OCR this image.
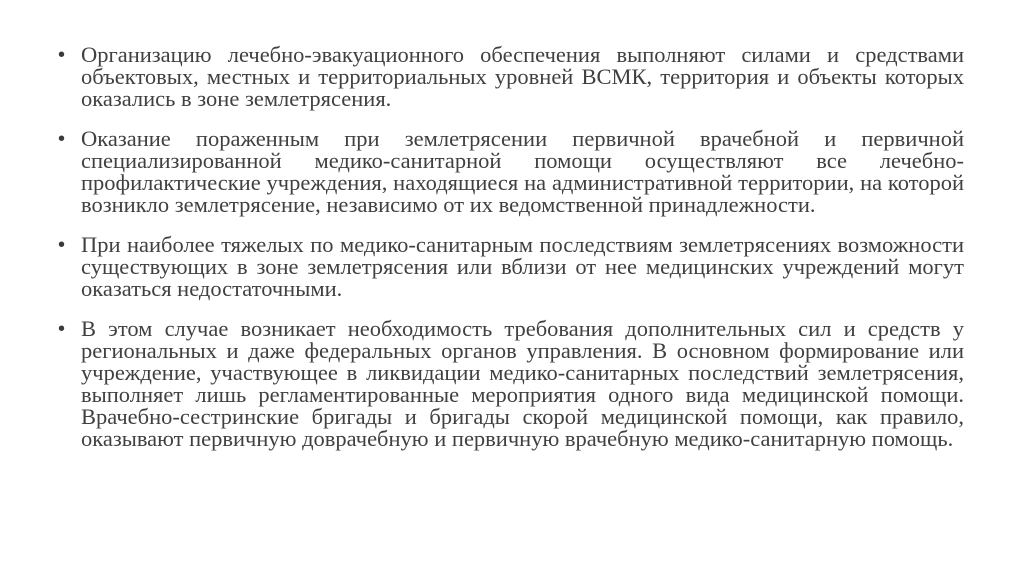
• Организацию лечебно-эвакуационного обеспечения выполняют силами и средствами объектовых, местных и территориальных уровней ВСМК, территория и объекты которых оказались в зоне землетрясения.
• Оказание пораженным при землетрясении первичной врачебной и первичной специализированной медико-санитарной помощи осуществляют все лечебно-профилактические учреждения, находящиеся на административной территории, на которой возникло землетрясение, независимо от их ведомственной принадлежности.
• При наиболее тяжелых по медико-санитарным последствиям землетрясениях возможности существующих в зоне землетрясения или вблизи от нее медицинских учреждений могут оказаться недостаточными.
• В этом случае возникает необходимость требования дополнительных сил и средств у региональных и даже федеральных органов управления. В основном формирование или учреждение, участвующее в ликвидации медико-санитарных последствий землетрясения, выполняет лишь регламентированные мероприятия одного вида медицинской помощи. Врачебно-сестринские бригады и бригады скорой медицинской помощи, как правило, оказывают первичную доврачебную и первичную врачебную медико-санитарную помощь.
